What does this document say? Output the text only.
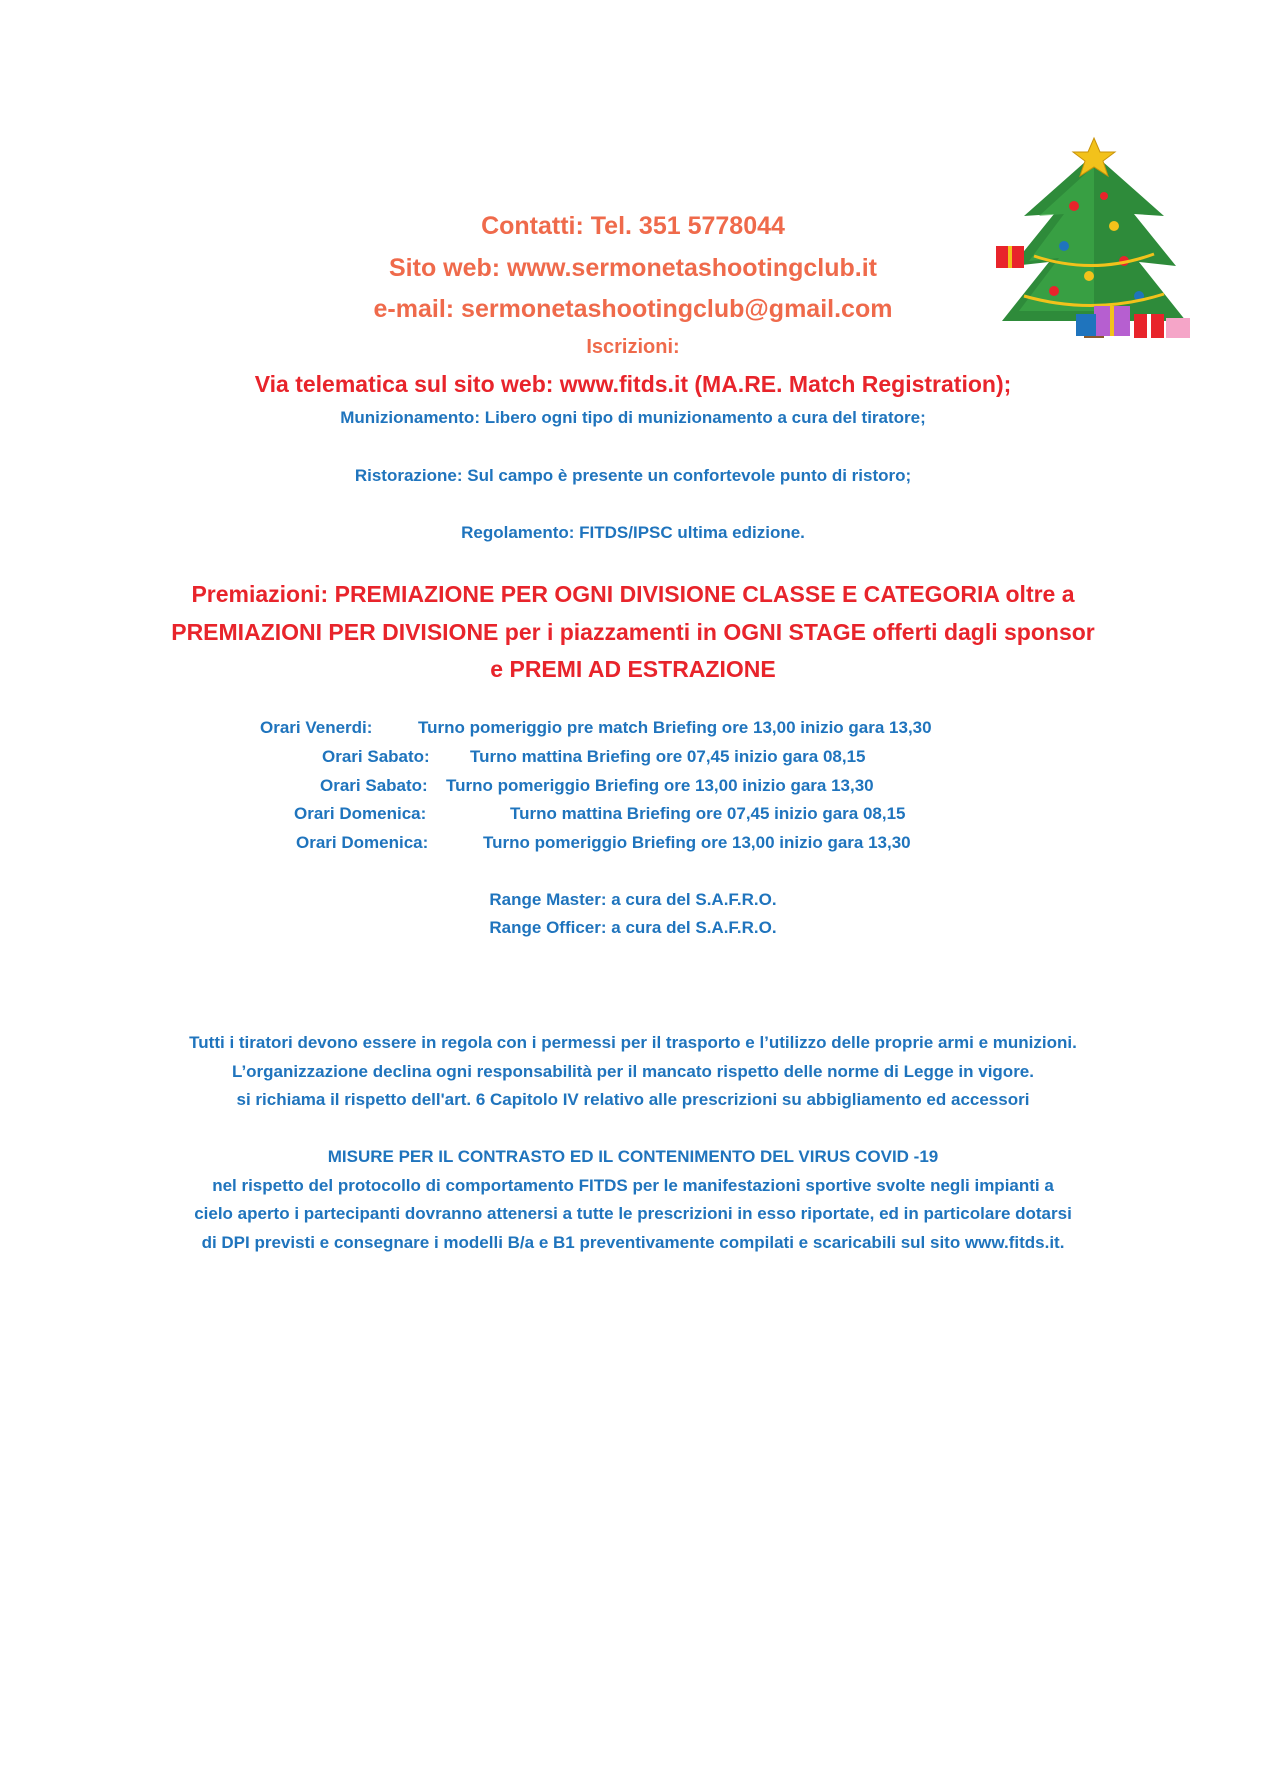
Contatti: Tel. 351 5778044
Sito web: www.sermonetashootingclub.it
e-mail: sermonetashootingclub@gmail.com
Iscrizioni:
Via telematica sul sito web: www.fitds.it (MA.RE. Match Registration);
Munizionamento: Libero ogni tipo di munizionamento a cura del tiratore;
Ristorazione: Sul campo è presente un confortevole punto di ristoro;
Regolamento: FITDS/IPSC ultima edizione.
Premiazioni: PREMIAZIONE PER OGNI DIVISIONE CLASSE E CATEGORIA oltre a
PREMIAZIONI PER DIVISIONE per i piazzamenti in OGNI STAGE offerti dagli sponsor
e PREMI AD ESTRAZIONE
Orari Venerdi:	Turno pomeriggio pre match Briefing ore 13,00 inizio gara 13,30
Orari Sabato: Turno mattina Briefing ore 07,45 inizio gara 08,15
Orari Sabato: Turno pomeriggio Briefing ore 13,00 inizio gara 13,30
Orari Domenica:	Turno mattina Briefing ore 07,45 inizio gara 08,15
Orari Domenica:	Turno pomeriggio Briefing ore 13,00 inizio gara 13,30
Range Master: a cura del S.A.F.R.O.
Range Officer: a cura del S.A.F.R.O.
Tutti i tiratori devono essere in regola con i permessi per il trasporto e l’utilizzo delle proprie armi e munizioni.
L’organizzazione declina ogni responsabilità per il mancato rispetto delle norme di Legge in vigore.
si richiama il rispetto dell'art. 6 Capitolo IV relativo alle prescrizioni su abbigliamento ed accessori
MISURE PER IL CONTRASTO ED IL CONTENIMENTO DEL VIRUS COVID -19
nel rispetto del protocollo di comportamento FITDS per le manifestazioni sportive svolte negli impianti a
cielo aperto i partecipanti dovranno attenersi a tutte le prescrizioni in esso riportate, ed in particolare dotarsi
di DPI previsti e consegnare i modelli B/a e B1 preventivamente compilati e scaricabili sul sito www.fitds.it.
